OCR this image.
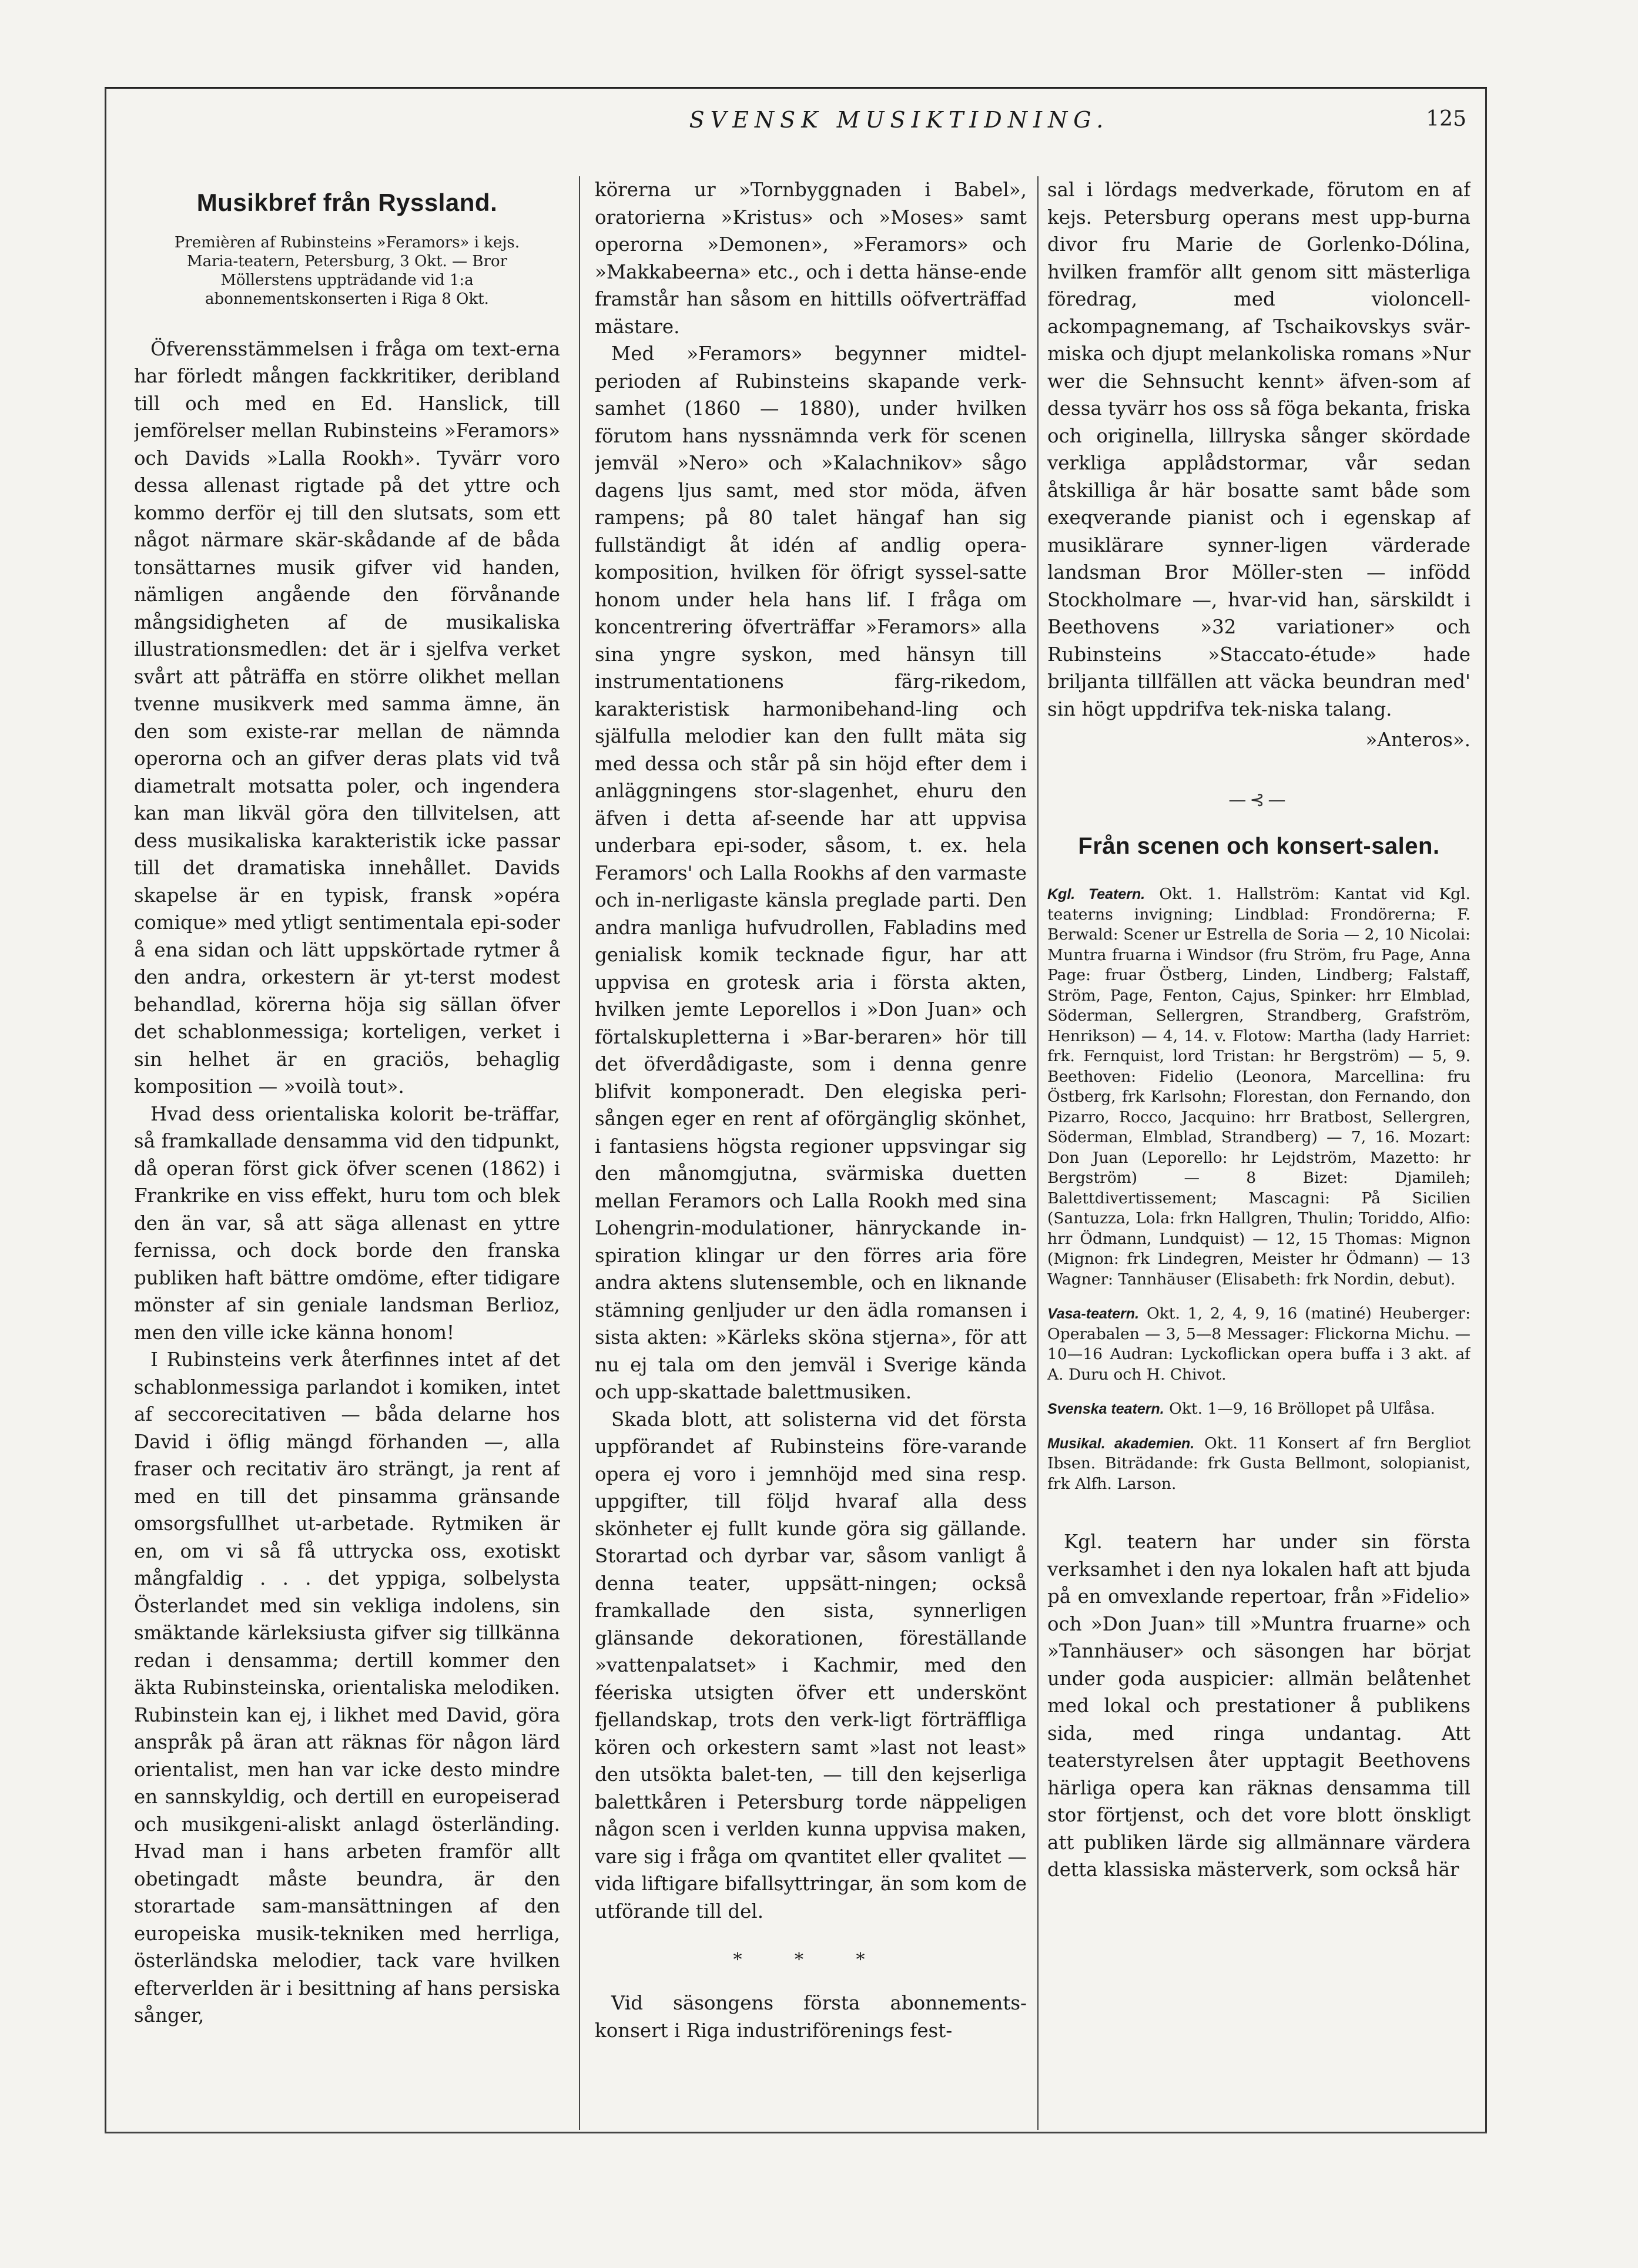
SVENSK MUSIKTIDNING.	125
Musikbref från Ryssland.
Premièren af Rubinsteins »Feramors» i kejs. Maria-teatern, Petersburg, 3 Okt. — Bror Möllerstens uppträdande vid 1:a abonnementskonserten i Riga 8 Okt.

Öfverensstämmelsen i fråga om text-erna har förledt mången fackkritiker, deribland till och med en Ed. Hanslick, till jemförelser mellan Rubinsteins »Feramors» och Davids »Lalla Rookh». Tyvärr voro dessa allenast rigtade på det yttre och kommo derför ej till den slutsats, som ett något närmare skär-skådande af de båda tonsättarnes musik gifver vid handen, nämligen angående den förvånande mångsidigheten af de musikaliska illustrationsmedlen: det är i sjelfva verket svårt att påträffa en större olikhet mellan tvenne musikverk med samma ämne, än den som existe-rar mellan de nämnda operorna och an gifver deras plats vid två diametralt motsatta poler, och ingendera kan man likväl göra den tillvitelsen, att dess musikaliska karakteristik icke passar till det dramatiska innehållet. Davids skapelse är en typisk, fransk »opéra comique» med ytligt sentimentala epi-soder å ena sidan och lätt uppskörtade rytmer å den andra, orkestern är yt-terst modest behandlad, körerna höja sig sällan öfver det schablonmessiga; korteligen, verket i sin helhet är en graciös, behaglig komposition — »voilà tout».

Hvad dess orientaliska kolorit be-träffar, så framkallade densamma vid den tidpunkt, då operan först gick öfver scenen (1862) i Frankrike en viss effekt, huru tom och blek den än var, så att säga allenast en yttre fernissa, och dock borde den franska publiken haft bättre omdöme, efter tidigare mönster af sin geniale landsman Berlioz, men den ville icke känna honom!

I Rubinsteins verk återfinnes intet af det schablonmessiga parlandot i komiken, intet af seccorecitativen — båda delarne hos David i öflig mängd förhanden —, alla fraser och recitativ äro strängt, ja rent af med en till det pinsamma gränsande omsorgsfullhet ut-arbetade. Rytmiken är en, om vi så få uttrycka oss, exotiskt mångfaldig . . . det yppiga, solbelysta Österlandet med sin vekliga indolens, sin smäktande kärleksiusta gifver sig tillkänna redan i densamma; dertill kommer den äkta Rubinsteinska, orientaliska melodiken. Rubinstein kan ej, i likhet med David, göra anspråk på äran att räknas för någon lärd orientalist, men han var icke desto mindre en sannskyldig, och dertill en europeiserad och musikgeni-aliskt anlagd österländing. Hvad man i hans arbeten framför allt obetingadt måste beundra, är den storartade sam-mansättningen af den europeiska musik-tekniken med herrliga, österländska melodier, tack vare hvilken efterverlden är i besittning af hans persiska sånger,

körerna ur »Tornbyggnaden i Babel», oratorierna »Kristus» och »Moses» samt operorna »Demonen», »Feramors» och »Makkabeerna» etc., och i detta hänse-ende framstår han såsom en hittills oöfverträffad mästare.

Med »Feramors» begynner midtel-perioden af Rubinsteins skapande verk-samhet (1860 — 1880), under hvilken förutom hans nyssnämnda verk för scenen jemväl »Nero» och »Kalachnikov» sågo dagens ljus samt, med stor möda, äfven rampens; på 80 talet hängaf han sig fullständigt åt idén af andlig opera-komposition, hvilken för öfrigt syssel-satte honom under hela hans lif. I fråga om koncentrering öfverträffar »Feramors» alla sina yngre syskon, med hänsyn till instrumentationens färg-rikedom, karakteristisk harmonibehand-ling och själfulla melodier kan den fullt mäta sig med dessa och står på sin höjd efter dem i anläggningens stor-slagenhet, ehuru den äfven i detta af-seende har att uppvisa underbara epi-soder, såsom, t. ex. hela Feramors' och Lalla Rookhs af den varmaste och in-nerligaste känsla preglade parti. Den andra manliga hufvudrollen, Fabladins med genialisk komik tecknade figur, har att uppvisa en grotesk aria i första akten, hvilken jemte Leporellos i »Don Juan» och förtalskupletterna i »Bar-beraren» hör till det öfverdådigaste, som i denna genre blifvit komponeradt. Den elegiska peri-sången eger en rent af oförgänglig skönhet, i fantasiens högsta regioner uppsvingar sig den månomgjutna, svärmiska duetten mellan Feramors och Lalla Rookh med sina Lohengrin-modulationer, hänryckande in-spiration klingar ur den förres aria före andra aktens slutensemble, och en liknande stämning genljuder ur den ädla romansen i sista akten: »Kärleks sköna stjerna», för att nu ej tala om den jemväl i Sverige kända och upp-skattade balettmusiken.

Skada blott, att solisterna vid det första uppförandet af Rubinsteins före-varande opera ej voro i jemnhöjd med sina resp. uppgifter, till följd hvaraf alla dess skönheter ej fullt kunde göra sig gällande. Storartad och dyrbar var, såsom vanligt å denna teater, uppsätt-ningen; också framkallade den sista, synnerligen glänsande dekorationen, föreställande »vattenpalatset» i Kachmir, med den féeriska utsigten öfver ett underskönt fjellandskap, trots den verk-ligt förträffliga kören och orkestern samt »last not least» den utsökta balet-ten, — till den kejserliga balettkåren i Petersburg torde näppeligen någon scen i verlden kunna uppvisa maken, vare sig i fråga om qvantitet eller qvalitet — vida liftigare bifallsyttringar, än som kom de utförande till del.

* * *

Vid säsongens första abonnements-konsert i Riga industriförenings fest-

sal i lördags medverkade, förutom en af kejs. Petersburg operans mest upp-burna divor fru Marie de Gorlenko-Dólina, hvilken framför allt genom sitt mästerliga föredrag, med violoncell-ackompagnemang, af Tschaikovskys svär-miska och djupt melankoliska romans »Nur wer die Sehnsucht kennt» äfven-som af dessa tyvärr hos oss så föga bekanta, friska och originella, lillryska sånger skördade verkliga applådstormar, vår sedan åtskilliga år här bosatte samt både som exeqverande pianist och i egenskap af musiklärare synner-ligen värderade landsman Bror Möller-sten — infödd Stockholmare —, hvar-vid han, särskildt i Beethovens »32 variationer» och Rubinsteins »Staccato-étude» hade briljanta tillfällen att väcka beundran med' sin högt uppdrifva tek-niska talang.

»Anteros».
—⊰—
Från scenen och konsert-salen.
Kgl. Teatern. Okt. 1. Hallström: Kantat vid Kgl. teaterns invigning; Lindblad: Frondörerna; F. Berwald: Scener ur Estrella de Soria — 2, 10 Nicolai: Muntra fruarna i Windsor (fru Ström, fru Page, Anna Page: fruar Östberg, Linden, Lindberg; Falstaff, Ström, Page, Fenton, Cajus, Spinker: hrr Elmblad, Söderman, Sellergren, Strandberg, Grafström, Henrikson) — 4, 14. v. Flotow: Martha (lady Harriet: frk. Fernquist, lord Tristan: hr Bergström) — 5, 9. Beethoven: Fidelio (Leonora, Marcellina: fru Östberg, frk Karlsohn; Florestan, don Fernando, don Pizarro, Rocco, Jacquino: hrr Bratbost, Sellergren, Söderman, Elmblad, Strandberg) — 7, 16. Mozart: Don Juan (Leporello: hr Lejdström, Mazetto: hr Bergström) — 8 Bizet: Djamileh; Balettdivertissement; Mascagni: På Sicilien (Santuzza, Lola: frkn Hallgren, Thulin; Toriddo, Alfio: hrr Ödmann, Lundquist) — 12, 15 Thomas: Mignon (Mignon: frk Lindegren, Meister hr Ödmann) — 13 Wagner: Tannhäuser (Elisabeth: frk Nordin, debut).
Vasa-teatern. Okt. 1, 2, 4, 9, 16 (matiné) Heuberger: Operabalen — 3, 5—8 Messager: Flickorna Michu. — 10—16 Audran: Lyckoflickan opera buffa i 3 akt. af A. Duru och H. Chivot.
Svenska teatern. Okt. 1—9, 16 Bröllopet på Ulfåsa.
Musikal. akademien. Okt. 11 Konsert af frn Bergliot Ibsen. Biträdande: frk Gusta Bellmont, solopianist, frk Alfh. Larson.

Kgl. teatern har under sin första verksamhet i den nya lokalen haft att bjuda på en omvexlande repertoar, från »Fidelio» och »Don Juan» till »Muntra fruarne» och »Tannhäuser» och säsongen har börjat under goda auspicier: allmän belåtenhet med lokal och prestationer å publikens sida, med ringa undantag. Att teaterstyrelsen åter upptagit Beethovens härliga opera kan räknas densamma till stor förtjenst, och det vore blott önskligt att publiken lärde sig allmännare värdera detta klassiska mästerverk, som också här
